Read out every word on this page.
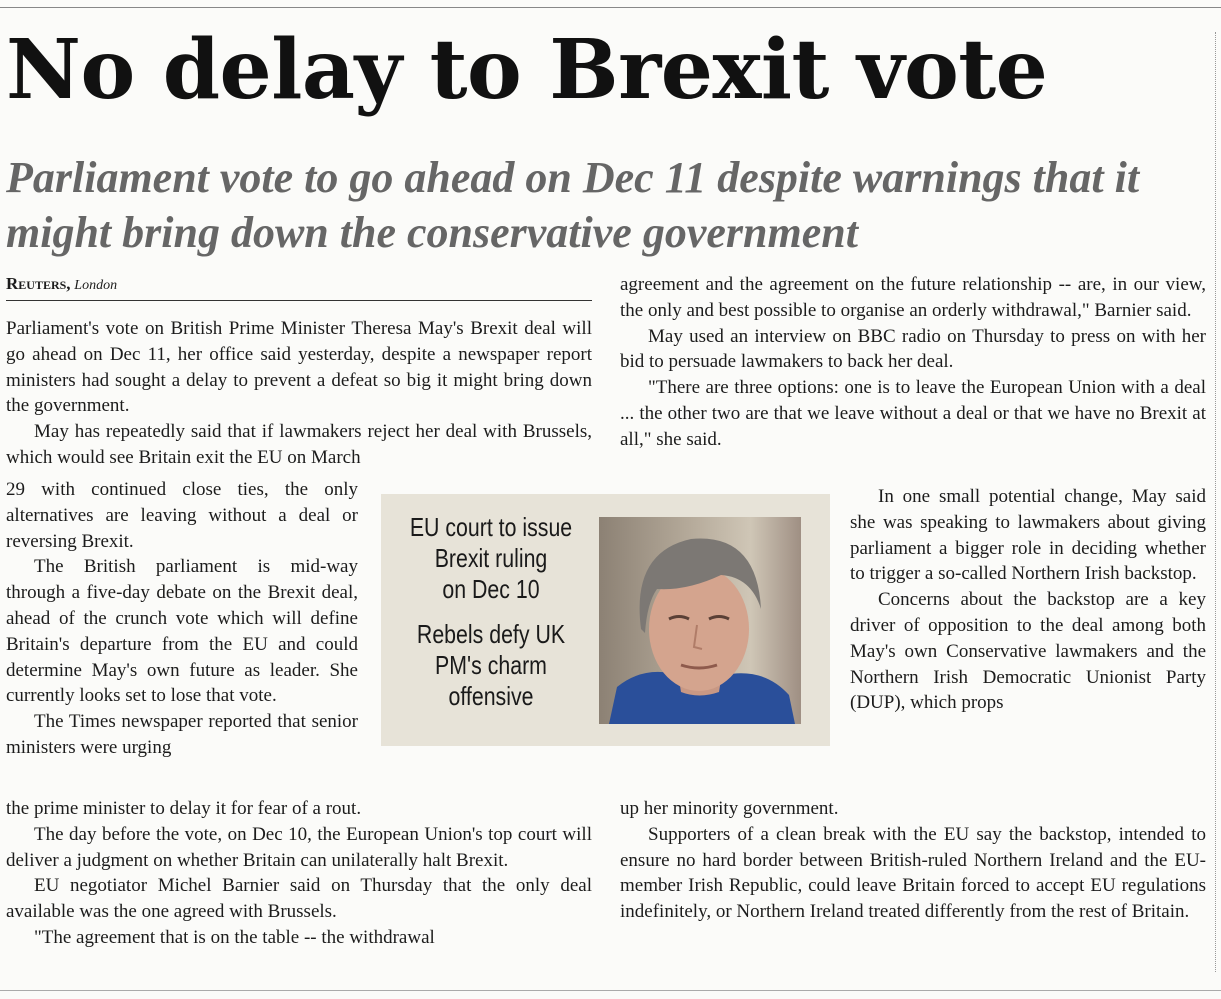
No delay to Brexit vote
Parliament vote to go ahead on Dec 11 despite warnings that it might bring down the conservative government
Reuters, London

Parliament's vote on British Prime Minister Theresa May's Brexit deal will go ahead on Dec 11, her office said yesterday, despite a newspaper report ministers had sought a delay to prevent a defeat so big it might bring down the government.

May has repeatedly said that if lawmakers reject her deal with Brussels, which would see Britain exit the EU on March

29 with continued close ties, the only alternatives are leaving without a deal or reversing Brexit.

The British parliament is mid-way through a five-day debate on the Brexit deal, ahead of the crunch vote which will define Britain's departure from the EU and could determine May's own future as leader. She currently looks set to lose that vote.

The Times newspaper reported that senior ministers were urging

the prime minister to delay it for fear of a rout.

The day before the vote, on Dec 10, the European Union's top court will deliver a judgment on whether Britain can unilaterally halt Brexit.

EU negotiator Michel Barnier said on Thursday that the only deal available was the one agreed with Brussels.

"The agreement that is on the table -- the withdrawal

EU court to issue
Brexit ruling
on Dec 10
Rebels defy UK
PM's charm
offensive

agreement and the agreement on the future relationship -- are, in our view, the only and best possible to organise an orderly withdrawal," Barnier said.

May used an interview on BBC radio on Thursday to press on with her bid to persuade lawmakers to back her deal.

"There are three options: one is to leave the European Union with a deal ... the other two are that we leave without a deal or that we have no Brexit at all," she said.

In one small potential change, May said she was speaking to lawmakers about giving parliament a bigger role in deciding whether to trigger a so-called Northern Irish backstop.

Concerns about the backstop are a key driver of opposition to the deal among both May's own Conservative lawmakers and the Northern Irish Democratic Unionist Party (DUP), which props

up her minority government.

Supporters of a clean break with the EU say the backstop, intended to ensure no hard border between British-ruled Northern Ireland and the EU-member Irish Republic, could leave Britain forced to accept EU regulations indefinitely, or Northern Ireland treated differently from the rest of Britain.
